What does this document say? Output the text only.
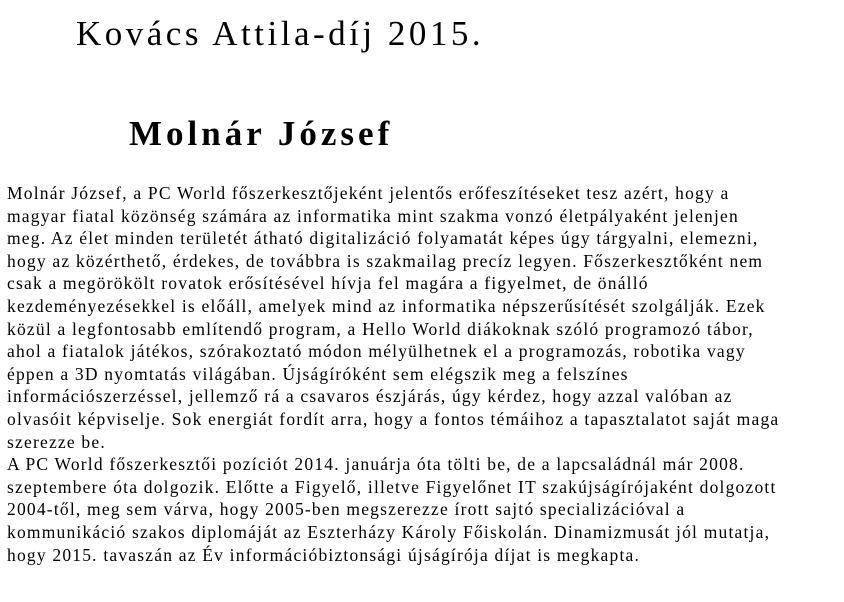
Kovács Attila-díj 2015.
Molnár József
Molnár József, a PC World főszerkesztőjeként jelentős erőfeszítéseket tesz azért, hogy a
magyar fiatal közönség számára az informatika mint szakma vonzó életpályaként jelenjen
meg. Az élet minden területét átható digitalizáció folyamatát képes úgy tárgyalni, elemezni,
hogy az közérthető, érdekes, de továbbra is szakmailag precíz legyen. Főszerkesztőként nem
csak a megörökölt rovatok erősítésével hívja fel magára a figyelmet, de önálló
kezdeményezésekkel is előáll, amelyek mind az informatika népszerűsítését szolgálják. Ezek
közül a legfontosabb említendő program, a Hello World diákoknak szóló programozó tábor,
ahol a fiatalok játékos, szórakoztató módon mélyülhetnek el a programozás, robotika vagy
éppen a 3D nyomtatás világában. Újságíróként sem elégszik meg a felszínes
információszerzéssel, jellemző rá a csavaros észjárás, úgy kérdez, hogy azzal valóban az
olvasóit képviselje. Sok energiát fordít arra, hogy a fontos témáihoz a tapasztalatot saját maga
szerezze be.
A PC World főszerkesztői pozíciót 2014. januárja óta tölti be, de a lapcsaládnál már 2008.
szeptembere óta dolgozik. Előtte a Figyelő, illetve Figyelőnet IT szakújságírójaként dolgozott
2004-től, meg sem várva, hogy 2005-ben megszerezze írott sajtó specializációval a
kommunikáció szakos diplomáját az Eszterházy Károly Főiskolán. Dinamizmusát jól mutatja,
hogy 2015. tavaszán az Év információbiztonsági újságírója díjat is megkapta.
